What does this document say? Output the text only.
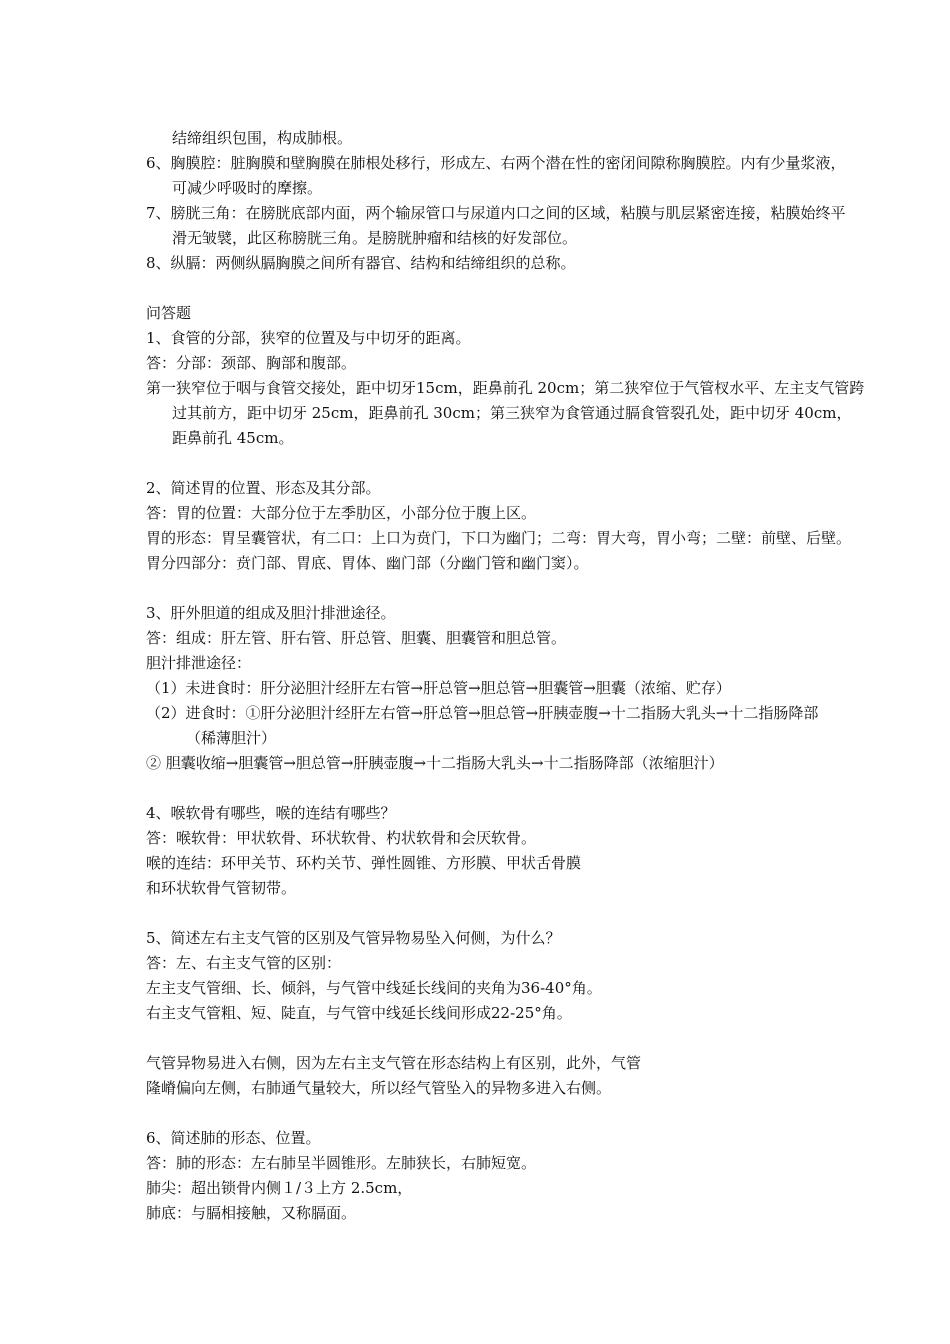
结缔组织包围，构成肺根。
6、胸膜腔：脏胸膜和壁胸膜在肺根处移行，形成左、右两个潜在性的密闭间隙称胸膜腔。内有少量浆液，
可减少呼吸时的摩擦。
7、膀胱三角：在膀胱底部内面，两个输尿管口与尿道内口之间的区域，粘膜与肌层紧密连接，粘膜始终平
滑无皱襞，此区称膀胱三角。是膀胱肿瘤和结核的好发部位。
8、纵膈：两侧纵膈胸膜之间所有器官、结构和结缔组织的总称。
问答题
1、食管的分部，狭窄的位置及与中切牙的距离。
答：分部：颈部、胸部和腹部。
第一狭窄位于咽与食管交接处，距中切牙15cm，距鼻前孔 20cm；第二狭窄位于气管杈水平、左主支气管跨
过其前方，距中切牙 25cm，距鼻前孔 30cm；第三狭窄为食管通过膈食管裂孔处，距中切牙 40cm，
距鼻前孔 45cm。
2、简述胃的位置、形态及其分部。
答：胃的位置：大部分位于左季肋区，小部分位于腹上区。
胃的形态：胃呈囊管状，有二口：上口为贲门，下口为幽门；二弯：胃大弯，胃小弯；二壁：前壁、后壁。
胃分四部分：贲门部、胃底、胃体、幽门部（分幽门管和幽门窦）。
3、肝外胆道的组成及胆汁排泄途径。
答：组成：肝左管、肝右管、肝总管、胆囊、胆囊管和胆总管。
胆汁排泄途径：
（1）未进食时：肝分泌胆汁经肝左右管→肝总管→胆总管→胆囊管→胆囊（浓缩、贮存）
（2）进食时：①肝分泌胆汁经肝左右管→肝总管→胆总管→肝胰壶腹→十二指肠大乳头→十二指肠降部
（稀薄胆汁）
② 胆囊收缩→胆囊管→胆总管→肝胰壶腹→十二指肠大乳头→十二指肠降部（浓缩胆汁）
4、喉软骨有哪些，喉的连结有哪些？
答：喉软骨：甲状软骨、环状软骨、杓状软骨和会厌软骨。
喉的连结：环甲关节、环杓关节、弹性圆锥、方形膜、甲状舌骨膜
和环状软骨气管韧带。
5、简述左右主支气管的区别及气管异物易坠入何侧，为什么？
答：左、右主支气管的区别：
左主支气管细、长、倾斜，与气管中线延长线间的夹角为36-40°角。
右主支气管粗、短、陡直，与气管中线延长线间形成22-25°角。
气管异物易进入右侧，因为左右主支气管在形态结构上有区别，此外，气管
隆嵴偏向左侧，右肺通气量较大，所以经气管坠入的异物多进入右侧。
6、简述肺的形态、位置。
答：肺的形态：左右肺呈半圆锥形。左肺狭长，右肺短宽。
肺尖：超出锁骨内侧１/３上方 2.5cm，
肺底：与膈相接触，又称膈面。
